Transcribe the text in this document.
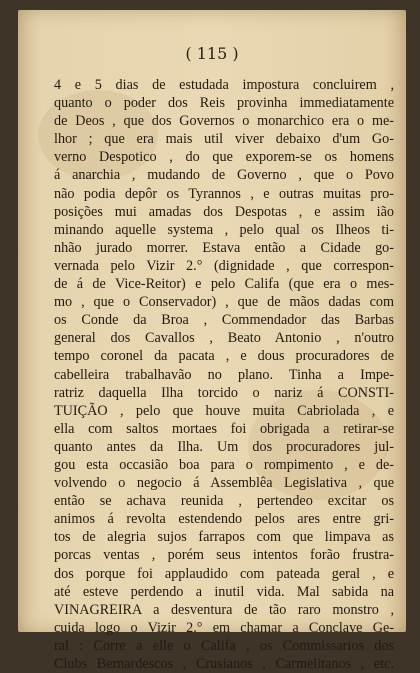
( 115 )
4 e 5 dias de estudada impostura concluirem ,
quanto o poder dos Reis provinha immediatamente
de Deos , que dos Governos o monarchico era o me-
lhor ; que era mais util viver debaixo d'um Go-
verno Despotico , do que exporem-se os homens
á anarchia , mudando de Governo , que o Povo
não podia depôr os Tyrannos , e outras muitas pro-
posições mui amadas dos Despotas , e assim ião
minando aquelle systema , pelo qual os Ilheos ti-
nhão jurado morrer. Estava então a Cidade go-
vernada pelo Vizir 2.° (dignidade , que correspon-
de á de Vice-Reitor) e pelo Califa (que era o mes-
mo , que o Conservador) , que de mãos dadas com
os Conde da Broa , Commendador das Barbas
general dos Cavallos , Beato Antonio , n'outro
tempo coronel da pacata , e dous procuradores de
cabelleira trabalhavão no plano. Tinha a Impe-
ratriz daquella Ilha torcido o nariz á CONSTI-
TUIÇÃO , pelo que houve muita Cabriolada , e
ella com saltos mortaes foi obrigada a retirar-se
quanto antes da Ilha. Um dos procuradores jul-
gou esta occasião boa para o rompimento , e de-
volvendo o negocio á Assemblêa Legislativa , que
então se achava reunida , pertendeo excitar os
animos á revolta estendendo pelos ares entre gri-
tos de alegria sujos farrapos com que limpava as
porcas ventas , porém seus intentos forão frustra-
dos porque foi applaudido com pateada geral , e
até esteve perdendo a inutil vida. Mal sabida na
VINAGREIRA a desventura de tão raro monstro ,
cuida logo o Vizir 2.° em chamar a Conclave Ge-
ral : Corre a elle o Califa , os Commissarios dos
Clubs Bernardescos , Crusianos , Carmelitanos , etc.
